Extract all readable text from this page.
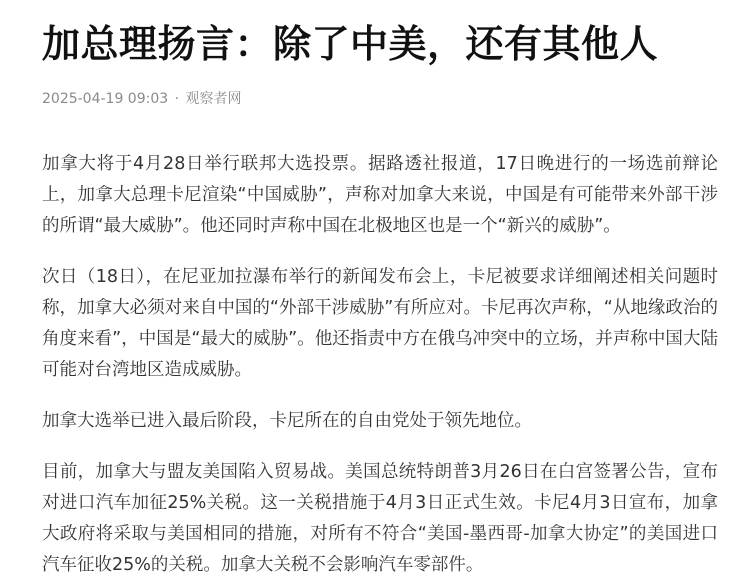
加总理扬言：除了中美，还有其他人
2025-04-19 09:03 · 观察者网

加拿大将于4月28日举行联邦大选投票。据路透社报道，17日晚进行的一场选前辩论上，加拿大总理卡尼渲染“中国威胁”，声称对加拿大来说，中国是有可能带来外部干涉的所谓“最大威胁”。他还同时声称中国在北极地区也是一个“新兴的威胁”。

次日（18日），在尼亚加拉瀑布举行的新闻发布会上，卡尼被要求详细阐述相关问题时称，加拿大必须对来自中国的“外部干涉威胁”有所应对。卡尼再次声称，“从地缘政治的角度来看”，中国是“最大的威胁”。他还指责中方在俄乌冲突中的立场，并声称中国大陆可能对台湾地区造成威胁。

加拿大选举已进入最后阶段，卡尼所在的自由党处于领先地位。

目前，加拿大与盟友美国陷入贸易战。美国总统特朗普3月26日在白宫签署公告，宣布对进口汽车加征25%关税。这一关税措施于4月3日正式生效。卡尼4月3日宣布，加拿大政府将采取与美国相同的措施，对所有不符合“美国-墨西哥-加拿大协定”的美国进口汽车征收25%的关税。加拿大关税不会影响汽车零部件。
